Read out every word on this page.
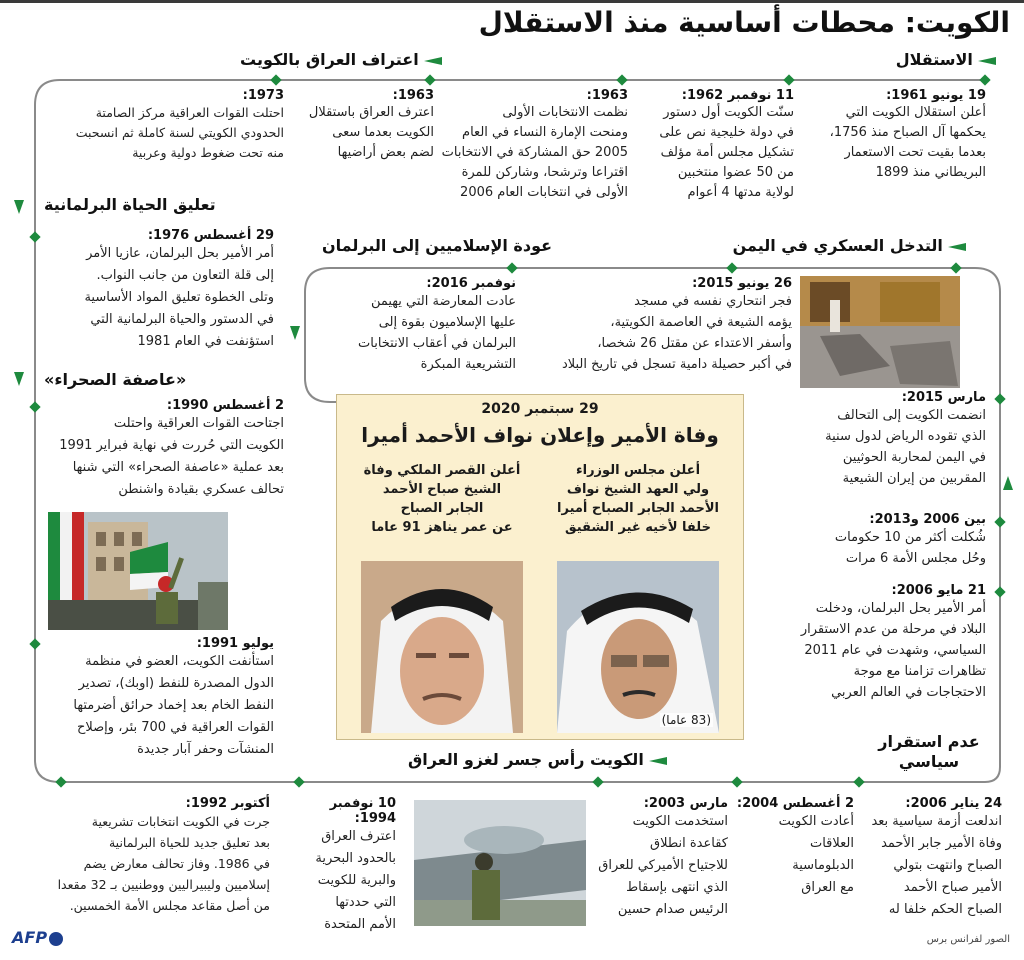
الكويت: محطات أساسية منذ الاستقلال
الاستقلال
اعتراف العراق بالكويت
التدخل العسكري في اليمن
عودة الإسلاميين إلى البرلمان
تعليق الحياة البرلمانية
«عاصفة الصحراء»
عدم استقرار سياسي
الكويت رأس جسر لغزو العراق
19 يونيو 1961:
أعلن استقلال الكويت التي
يحكمها آل الصباح منذ 1756،
بعدما بقيت تحت الاستعمار
البريطاني منذ 1899
11 نوفمبر 1962:
سنّت الكويت أول دستور
في دولة خليجية نص على
تشكيل مجلس أمة مؤلف
من 50 عضوا منتخبين
لولاية مدتها 4 أعوام
1963:
نظمت الانتخابات الأولى
ومنحت الإمارة النساء في العام
2005 حق المشاركة في الانتخابات
اقتراعا وترشحا، وشاركن للمرة
الأولى في انتخابات العام 2006
1963:
اعترف العراق باستقلال
الكويت بعدما سعى
لضم بعض أراضيها
1973:
احتلت القوات العراقية مركز الصامتة
الحدودي الكويتي لسنة كاملة ثم انسحبت
منه تحت ضغوط دولية وعربية
29 أغسطس 1976:
أمر الأمير بحل البرلمان، عازيا الأمر
إلى قلة التعاون من جانب النواب.
وتلى الخطوة تعليق المواد الأساسية
في الدستور والحياة البرلمانية التي
استؤنفت في العام 1981
2 أغسطس 1990:
اجتاحت القوات العراقية واحتلت
الكويت التي حُررت في نهاية فبراير 1991
بعد عملية «عاصفة الصحراء» التي شنها
تحالف عسكري بقيادة واشنطن
يوليو 1991:
استأنفت الكويت، العضو في منظمة
الدول المصدرة للنفط (اوبك)، تصدير
النفط الخام بعد إخماد حرائق أضرمتها
القوات العراقية في 700 بئر، وإصلاح
المنشآت وحفر آبار جديدة
26 يونيو 2015:
فجر انتحاري نفسه في مسجد
يؤمه الشيعة في العاصمة الكويتية،
وأسفر الاعتداء عن مقتل 26 شخصا،
في أكبر حصيلة دامية تسجل في تاريخ البلاد
نوفمبر 2016:
عادت المعارضة التي يهيمن
عليها الإسلاميون بقوة إلى
البرلمان في أعقاب الانتخابات
التشريعية المبكرة
مارس 2015:
انضمت الكويت إلى التحالف
الذي تقوده الرياض لدول سنية
في اليمن لمحاربة الحوثيين
المقربين من إيران الشيعية
بين 2006 و2013:
شُكلت أكثر من 10 حكومات
وحُل مجلس الأمة 6 مرات
21 مايو 2006:
أمر الأمير بحل البرلمان، ودخلت
البلاد في مرحلة من عدم الاستقرار
السياسي، وشهدت في عام 2011
تظاهرات تزامنا مع موجة
الاحتجاجات في العالم العربي
29 سبتمبر 2020
وفاة الأمير وإعلان نواف الأحمد أميرا
أعلن مجلس الوزراء
ولي العهد الشيخ نواف
الأحمد الجابر الصباح أميرا
خلفا لأخيه غير الشقيق
أعلن القصر الملكي وفاة
الشيخ صباح الأحمد
الجابر الصباح
عن عمر يناهز 91 عاما
(83 عاما)
24 يناير 2006:
اندلعت أزمة سياسية بعد
وفاة الأمير جابر الأحمد
الصباح وانتهت بتولي
الأمير صباح الأحمد
الصباح الحكم خلفا له
2 أغسطس 2004:
أعادت الكويت
العلاقات
الدبلوماسية
مع العراق
مارس 2003:
استخدمت الكويت
كقاعدة انطلاق
للاجتياح الأميركي للعراق
الذي انتهى بإسقاط
الرئيس صدام حسين
10 نوفمبر 1994:
اعترف العراق
بالحدود البحرية
والبرية للكويت
التي حددتها
الأمم المتحدة
أكتوبر 1992:
جرت في الكويت انتخابات تشريعية
بعد تعليق جديد للحياة البرلمانية
في 1986. وفاز تحالف معارض يضم
إسلاميين وليبيراليين ووطنيين بـ 32 مقعدا
من أصل مقاعد مجلس الأمة الخمسين.
AFP	الصور لفرانس برس
